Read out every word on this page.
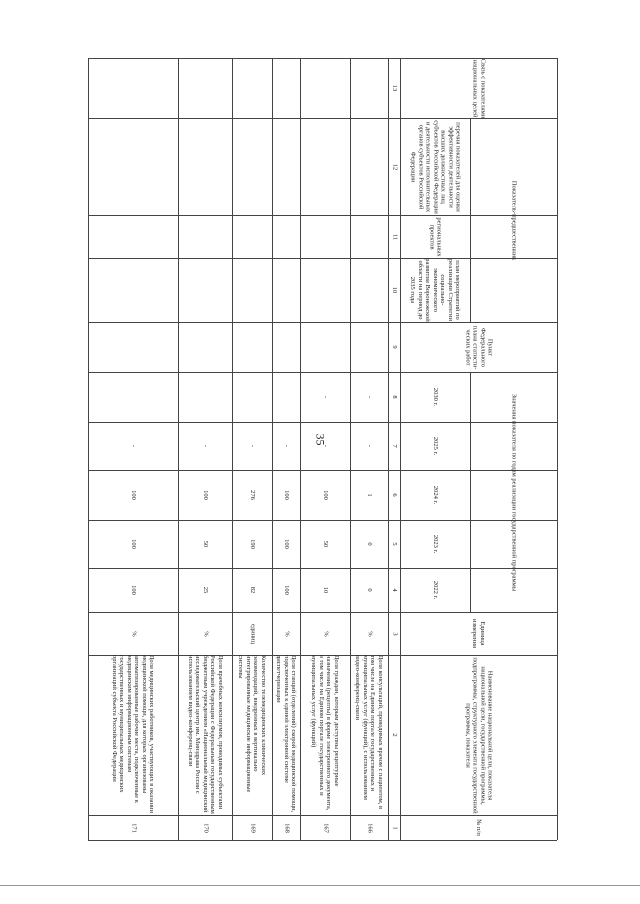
35
№ п/п
Наименование национальной цели, показателя национальной цели, государственной программы, подпрограммы, структурного элемента государственной программы, показателя
Единица измерения
Значения показателя по годам реализации государственной программы
2022 г.
2023 г.
2024 г.
2025 г.
2030 г.
Пункт Федерального плана статисти-ческих работ
Показатель-предшественник
план мероприятий по реализации Стратегии социально-экономического развития Воронежской области на период до 2035 года
региональных проектов
перечня показателей для оценки эффективности деятельности высших должностных лиц субъектов Российской Федерации и деятельности исполнительных органов субъектов Российской Федерации
Связь с показателями национальных целей
1
2
3
4
5
6
7
8
9
10
11
12
13
166
Доля консультаций, проводимых врачом с пациентом, в том числе на Едином портале государственных и муниципальных услуг (функций), с использованием видео-конференц-связи
%
0
0
1
-
-
167
Доля граждан, которым доступны рецептурные назначения (рецепты) в форме электронного документа, в том числе на Едином портале государственных и муниципальных услуг (функций)
%
10
50
100
-
-
168
Доля станций (отделений) скорой медицинской помощи, подключенных к единой электронной системе диспетчеризации
%
100
100
100
-
169
Количество телемедицинских клинических рекомендаций, внедренных в вертикально интегрированные медицинские информационные системы
единиц
82
190
276
-
170
Доля врачебных консилиумов, проводимых субъектами Российской Федерации с Федеральным государственным бюджетным учреждением «Национальный медицинский исследовательский центр им. Минздрава России с использованием видео-конференц-связи
%
25
50
100
-
171
Доля медицинских работников, участвующих в оказании медицинской помощи, для которых организованы автоматизированные рабочие места, подключенные к медицинским информационным системам государственных и муниципальных медицинских организаций субъекта Российской Федерации
%
100
100
100
-
